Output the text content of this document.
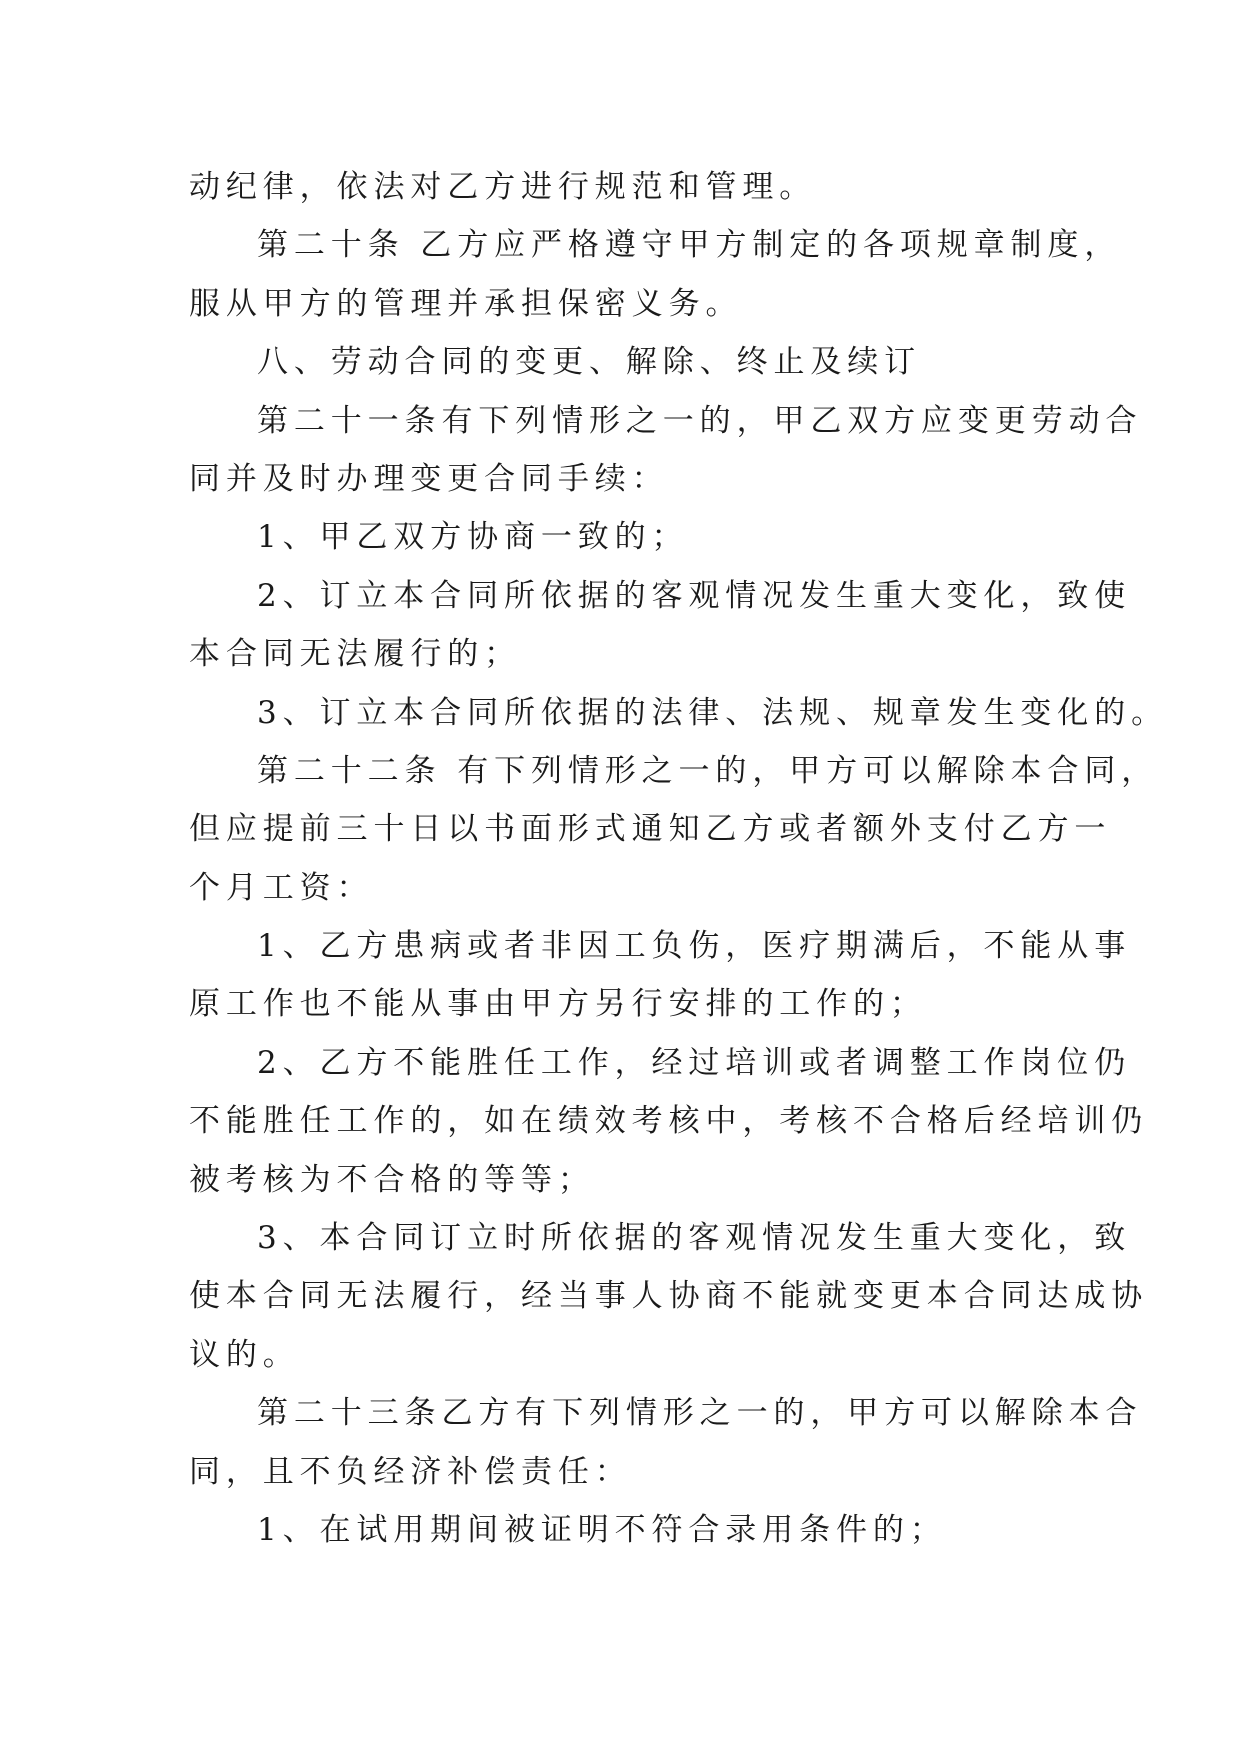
动纪律，依法对乙方进行规范和管理。
第二十条 乙方应严格遵守甲方制定的各项规章制度，
服从甲方的管理并承担保密义务。
八、劳动合同的变更、解除、终止及续订
第二十一条有下列情形之一的，甲乙双方应变更劳动合
同并及时办理变更合同手续：
1、甲乙双方协商一致的；
2、订立本合同所依据的客观情况发生重大变化，致使
本合同无法履行的；
3、订立本合同所依据的法律、法规、规章发生变化的。
第二十二条 有下列情形之一的，甲方可以解除本合同，
但应提前三十日以书面形式通知乙方或者额外支付乙方一
个月工资：
1、乙方患病或者非因工负伤，医疗期满后，不能从事
原工作也不能从事由甲方另行安排的工作的；
2、乙方不能胜任工作，经过培训或者调整工作岗位仍
不能胜任工作的，如在绩效考核中，考核不合格后经培训仍
被考核为不合格的等等；
3、本合同订立时所依据的客观情况发生重大变化，致
使本合同无法履行，经当事人协商不能就变更本合同达成协
议的。
第二十三条乙方有下列情形之一的，甲方可以解除本合
同，且不负经济补偿责任：
1、在试用期间被证明不符合录用条件的；
